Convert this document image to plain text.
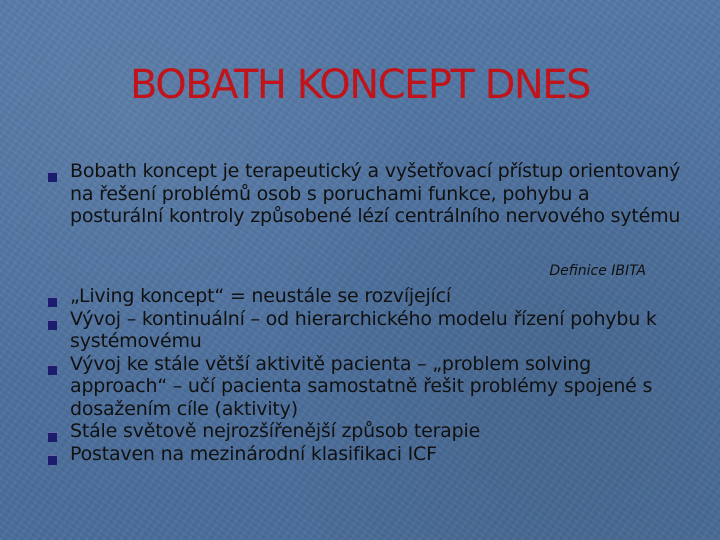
BOBATH KONCEPT DNES
Bobath koncept je terapeutický a vyšetřovací přístup orientovaný na řešení problémů osob s poruchami funkce, pohybu a posturální kontroly způsobené lézí centrálního nervového sytému
Definice IBITA
„Living koncept“ = neustále se rozvíjející
Vývoj – kontinuální – od hierarchického modelu řízení pohybu k systémovému
Vývoj ke stále větší aktivitě pacienta – „problem solving approach“ – učí pacienta samostatně řešit problémy spojené s dosažením cíle (aktivity)
Stále světově nejrozšířenější způsob terapie
Postaven na mezinárodní klasifikaci ICF
